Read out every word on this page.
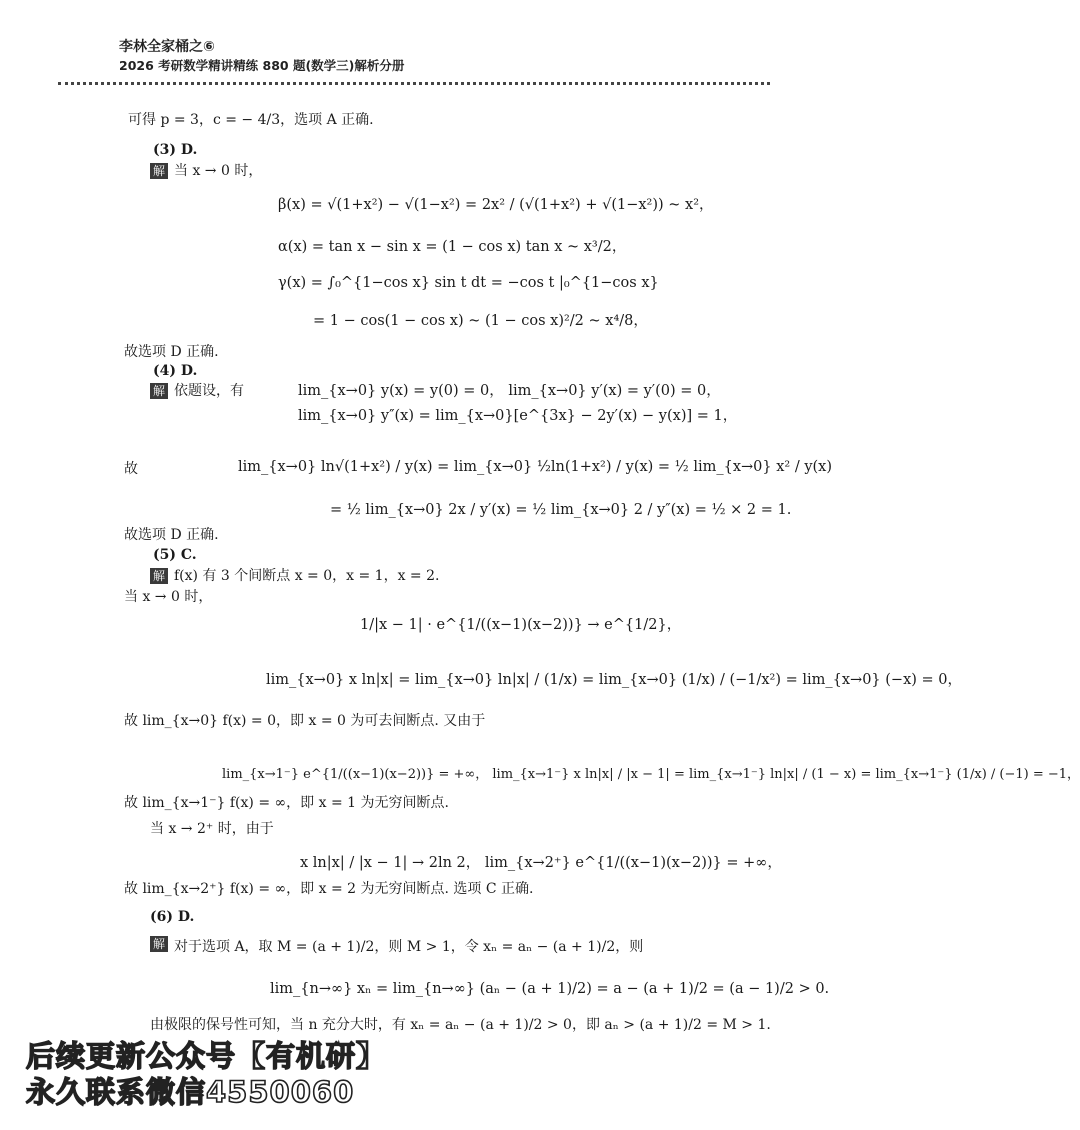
李林全家桶之⑥
2026 考研数学精讲精练 880 题(数学三)解析分册
可得 p = 3，c = − 4/3，选项 A 正确.
(3) D.
解 当 x → 0 时，
β(x) = √(1+x²) − √(1−x²) = 2x² / (√(1+x²) + √(1−x²)) ~ x²，
α(x) = tan x − sin x = (1 − cos x) tan x ~ x³/2，
γ(x) = ∫₀^{1−cos x} sin t dt = −cos t |₀^{1−cos x}
= 1 − cos(1 − cos x) ~ (1 − cos x)²/2 ~ x⁴/8，
故选项 D 正确.
(4) D.
解 依题设，有	lim_{x→0} y(x) = y(0) = 0， lim_{x→0} y′(x) = y′(0) = 0，
lim_{x→0} y″(x) = lim_{x→0}[e^{3x} − 2y′(x) − y(x)] = 1，
故	lim_{x→0} ln√(1+x²) / y(x) = lim_{x→0} ½ln(1+x²) / y(x) = ½ lim_{x→0} x² / y(x)
= ½ lim_{x→0} 2x / y′(x) = ½ lim_{x→0} 2 / y″(x) = ½ × 2 = 1.
故选项 D 正确.
(5) C.
解 f(x) 有 3 个间断点 x = 0，x = 1，x = 2.
当 x → 0 时，
1/|x − 1| · e^{1/((x−1)(x−2))} → e^{1/2}，
lim_{x→0} x ln|x| = lim_{x→0} ln|x| / (1/x) = lim_{x→0} (1/x) / (−1/x²) = lim_{x→0} (−x) = 0，
故 lim_{x→0} f(x) = 0，即 x = 0 为可去间断点. 又由于
lim_{x→1⁻} e^{1/((x−1)(x−2))} = +∞， lim_{x→1⁻} x ln|x| / |x − 1| = lim_{x→1⁻} ln|x| / (1 − x) = lim_{x→1⁻} (1/x) / (−1) = −1，
故 lim_{x→1⁻} f(x) = ∞，即 x = 1 为无穷间断点.
当 x → 2⁺ 时，由于
x ln|x| / |x − 1| → 2ln 2， lim_{x→2⁺} e^{1/((x−1)(x−2))} = +∞，
故 lim_{x→2⁺} f(x) = ∞，即 x = 2 为无穷间断点. 选项 C 正确.
(6) D.
解 对于选项 A，取 M = (a + 1)/2，则 M > 1，令 xₙ = aₙ − (a + 1)/2，则
lim_{n→∞} xₙ = lim_{n→∞} (aₙ − (a + 1)/2) = a − (a + 1)/2 = (a − 1)/2 > 0.
由极限的保号性可知，当 n 充分大时，有 xₙ = aₙ − (a + 1)/2 > 0，即 aₙ > (a + 1)/2 = M > 1.
后续更新公众号【有机研】
永久联系微信4550060
